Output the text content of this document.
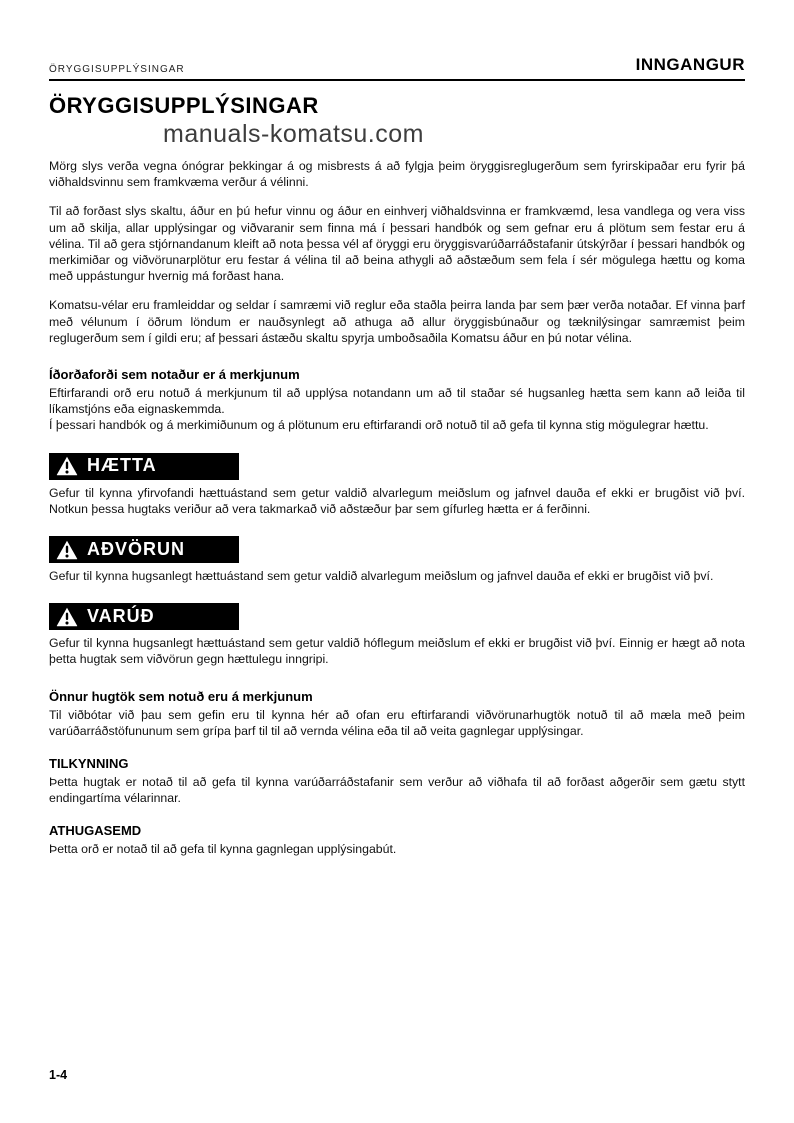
ÖRYGGISUPPLÝSINGAR	INNGANGUR
ÖRYGGISUPPLÝSINGAR
manuals-komatsu.com
Mörg slys verða vegna ónógrar þekkingar á og misbrests á að fylgja þeim öryggisreglugerðum sem fyrirskipaðar eru fyrir þá viðhaldsvinnu sem framkvæma verður á vélinni.
Til að forðast slys skaltu, áður en þú hefur vinnu og áður en einhverj viðhaldsvinna er framkvæmd, lesa vandlega og vera viss um að skilja, allar upplýsingar og viðvaranir sem finna má í þessari handbók og sem gefnar eru á plötum sem festar eru á vélina. Til að gera stjórnandanum kleift að nota þessa vél af öryggi eru öryggisvarúðarráðstafanir útskýrðar í þessari handbók og merkimiðar og viðvörunarplötur eru festar á vélina til að beina athygli að aðstæðum sem fela í sér mögulega hættu og koma með uppástungur hvernig má forðast hana.
Komatsu-vélar eru framleiddar og seldar í samræmi við reglur eða staðla þeirra landa þar sem þær verða notaðar. Ef vinna þarf með vélunum í öðrum löndum er nauðsynlegt að athuga að allur öryggisbúnaður og tæknilýsingar samræmist þeim reglugerðum sem í gildi eru; af þessari ástæðu skaltu spyrja umboðsaðila Komatsu áður en þú notar vélina.
Íðorðaforði sem notaður er á merkjunum
Eftirfarandi orð eru notuð á merkjunum til að upplýsa notandann um að til staðar sé hugsanleg hætta sem kann að leiða til líkamstjóns eða eignaskemmda.
Í þessari handbók og á merkimiðunum og á plötunum eru eftirfarandi orð notuð til að gefa til kynna stig mögulegrar hættu.
HÆTTA
Gefur til kynna yfirvofandi hættuástand sem getur valdið alvarlegum meiðslum og jafnvel dauða ef ekki er brugðist við því. Notkun þessa hugtaks veriður að vera takmarkað við aðstæður þar sem gífurleg hætta er á ferðinni.
AÐVÖRUN
Gefur til kynna hugsanlegt hættuástand sem getur valdið alvarlegum meiðslum og jafnvel dauða ef ekki er brugðist við því.
VARÚÐ
Gefur til kynna hugsanlegt hættuástand sem getur valdið hóflegum meiðslum ef ekki er brugðist við því. Einnig er hægt að nota þetta hugtak sem viðvörun gegn hættulegu inngripi.
Önnur hugtök sem notuð eru á merkjunum
Til viðbótar við þau sem gefin eru til kynna hér að ofan eru eftirfarandi viðvörunarhugtök notuð til að mæla með þeim varúðarráðstöfununum sem grípa þarf til til að vernda vélina eða til að veita gagnlegar upplýsingar.
TILKYNNING
Þetta hugtak er notað til að gefa til kynna varúðarráðstafanir sem verður að viðhafa til að forðast aðgerðir sem gætu stytt endingartíma vélarinnar.
ATHUGASEMD
Þetta orð er notað til að gefa til kynna gagnlegan upplýsingabút.
1-4
